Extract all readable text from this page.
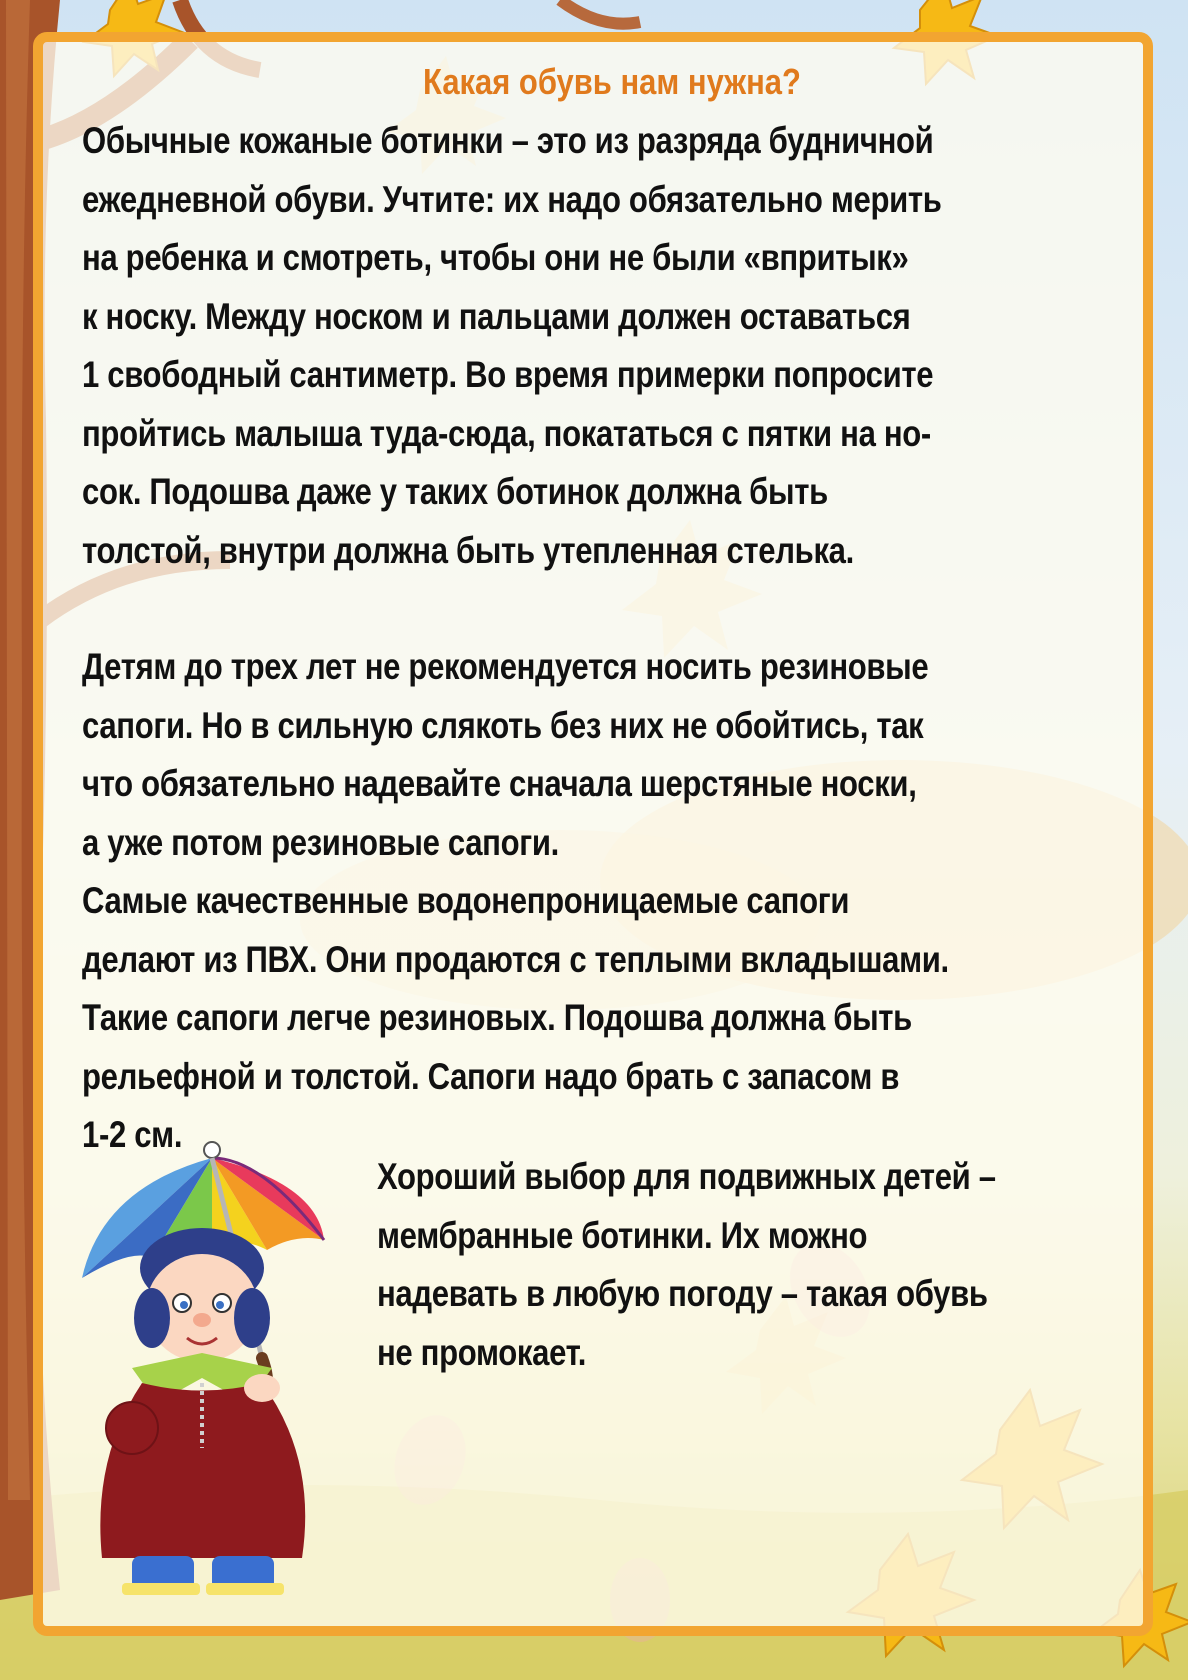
Какая обувь нам нужна?

Обычные кожаные ботинки – это из разряда будничной
ежедневной обуви. Учтите: их надо обязательно мерить
на ребенка и смотреть, чтобы они не были «впритык»
к носку. Между носком и пальцами должен оставаться
1 свободный сантиметр. Во время примерки попросите
пройтись малыша туда-сюда, покататься с пятки на но-
сок. Подошва даже у таких ботинок должна быть
толстой, внутри должна быть утепленная стелька.

Детям до трех лет не рекомендуется носить резиновые
сапоги. Но в сильную слякоть без них не обойтись, так
что обязательно надевайте сначала шерстяные носки,
а уже потом резиновые сапоги.

Самые качественные водонепроницаемые сапоги
делают из ПВХ. Они продаются с теплыми вкладышами.
Такие сапоги легче резиновых. Подошва должна быть
рельефной и толстой. Сапоги надо брать с запасом в
1-2 см.

Хороший выбор для подвижных детей –
мембранные ботинки. Их можно
надевать в любую погоду – такая обувь
не промокает.
